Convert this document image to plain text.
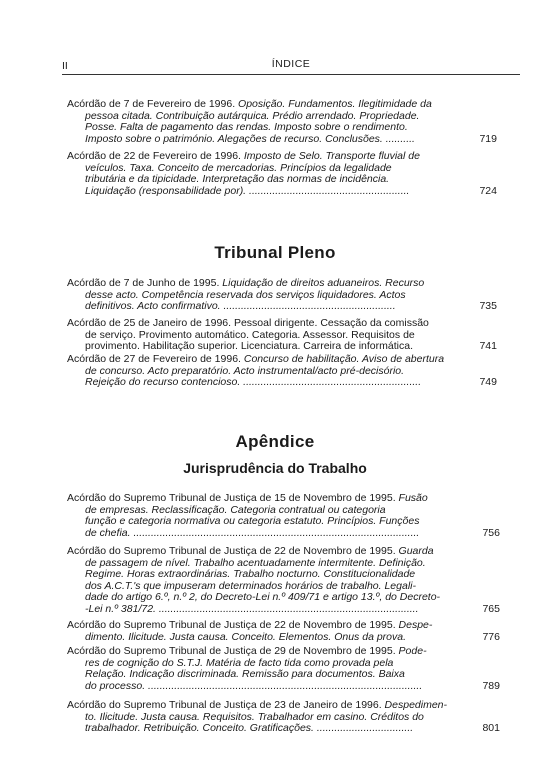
II	ÍNDICE
Acórdão de 7 de Fevereiro de 1996. Oposição. Fundamentos. Ilegitimidade da
pessoa citada. Contribuição autárquica. Prédio arrendado. Propriedade.
Posse. Falta de pagamento das rendas. Imposto sobre o rendimento.
Imposto sobre o património. Alegações de recurso. Conclusões. ..........	719
Acórdão de 22 de Fevereiro de 1996. Imposto de Selo. Transporte fluvial de
veículos. Taxa. Conceito de mercadorias. Princípios da legalidade
tributária e da tipicidade. Interpretação das normas de incidência.
Liquidação (responsabilidade por). .......................................................	724
Tribunal Pleno
Acórdão de 7 de Junho de 1995. Liquidação de direitos aduaneiros. Recurso
desse acto. Competência reservada dos serviços liquidadores. Actos
definitivos. Acto confirmativo. ...........................................................	735
Acórdão de 25 de Janeiro de 1996. Pessoal dirigente. Cessação da comissão
de serviço. Provimento automático. Categoria. Assessor. Requisitos de
provimento. Habilitação superior. Licenciatura. Carreira de informática.	741
Acórdão de 27 de Fevereiro de 1996. Concurso de habilitação. Aviso de abertura
de concurso. Acto preparatório. Acto instrumental/acto pré-decisório.
Rejeição do recurso contencioso. .............................................................	749
Apêndice
Jurisprudência do Trabalho
Acórdão do Supremo Tribunal de Justiça de 15 de Novembro de 1995. Fusão
de empresas. Reclassificação. Categoria contratual ou categoria
função e categoria normativa ou categoria estatuto. Princípios. Funções
de chefia. ..................................................................................................	756
Acórdão do Supremo Tribunal de Justiça de 22 de Novembro de 1995. Guarda
de passagem de nível. Trabalho acentuadamente intermitente. Definição.
Regime. Horas extraordinárias. Trabalho nocturno. Constitucionalidade
dos A.C.T.'s que impuseram determinados horários de trabalho. Legali-
dade do artigo 6.º, n.º 2, do Decreto-Lei n.º 409/71 e artigo 13.º, do Decreto-
-Lei n.º 381/72. .........................................................................................	765
Acórdão do Supremo Tribunal de Justiça de 22 de Novembro de 1995. Despe-
dimento. Ilicitude. Justa causa. Conceito. Elementos. Ónus da prova.	776
Acórdão do Supremo Tribunal de Justiça de 29 de Novembro de 1995. Pode-
res de cognição do S.T.J. Matéria de facto tida como provada pela
Relação. Indicação discriminada. Remissão para documentos. Baixa
do processo. ..............................................................................................	789
Acórdão do Supremo Tribunal de Justiça de 23 de Janeiro de 1996. Despedimen-
to. Ilicitude. Justa causa. Requisitos. Trabalhador em casino. Créditos do
trabalhador. Retribuição. Conceito. Gratificações. .................................	801
